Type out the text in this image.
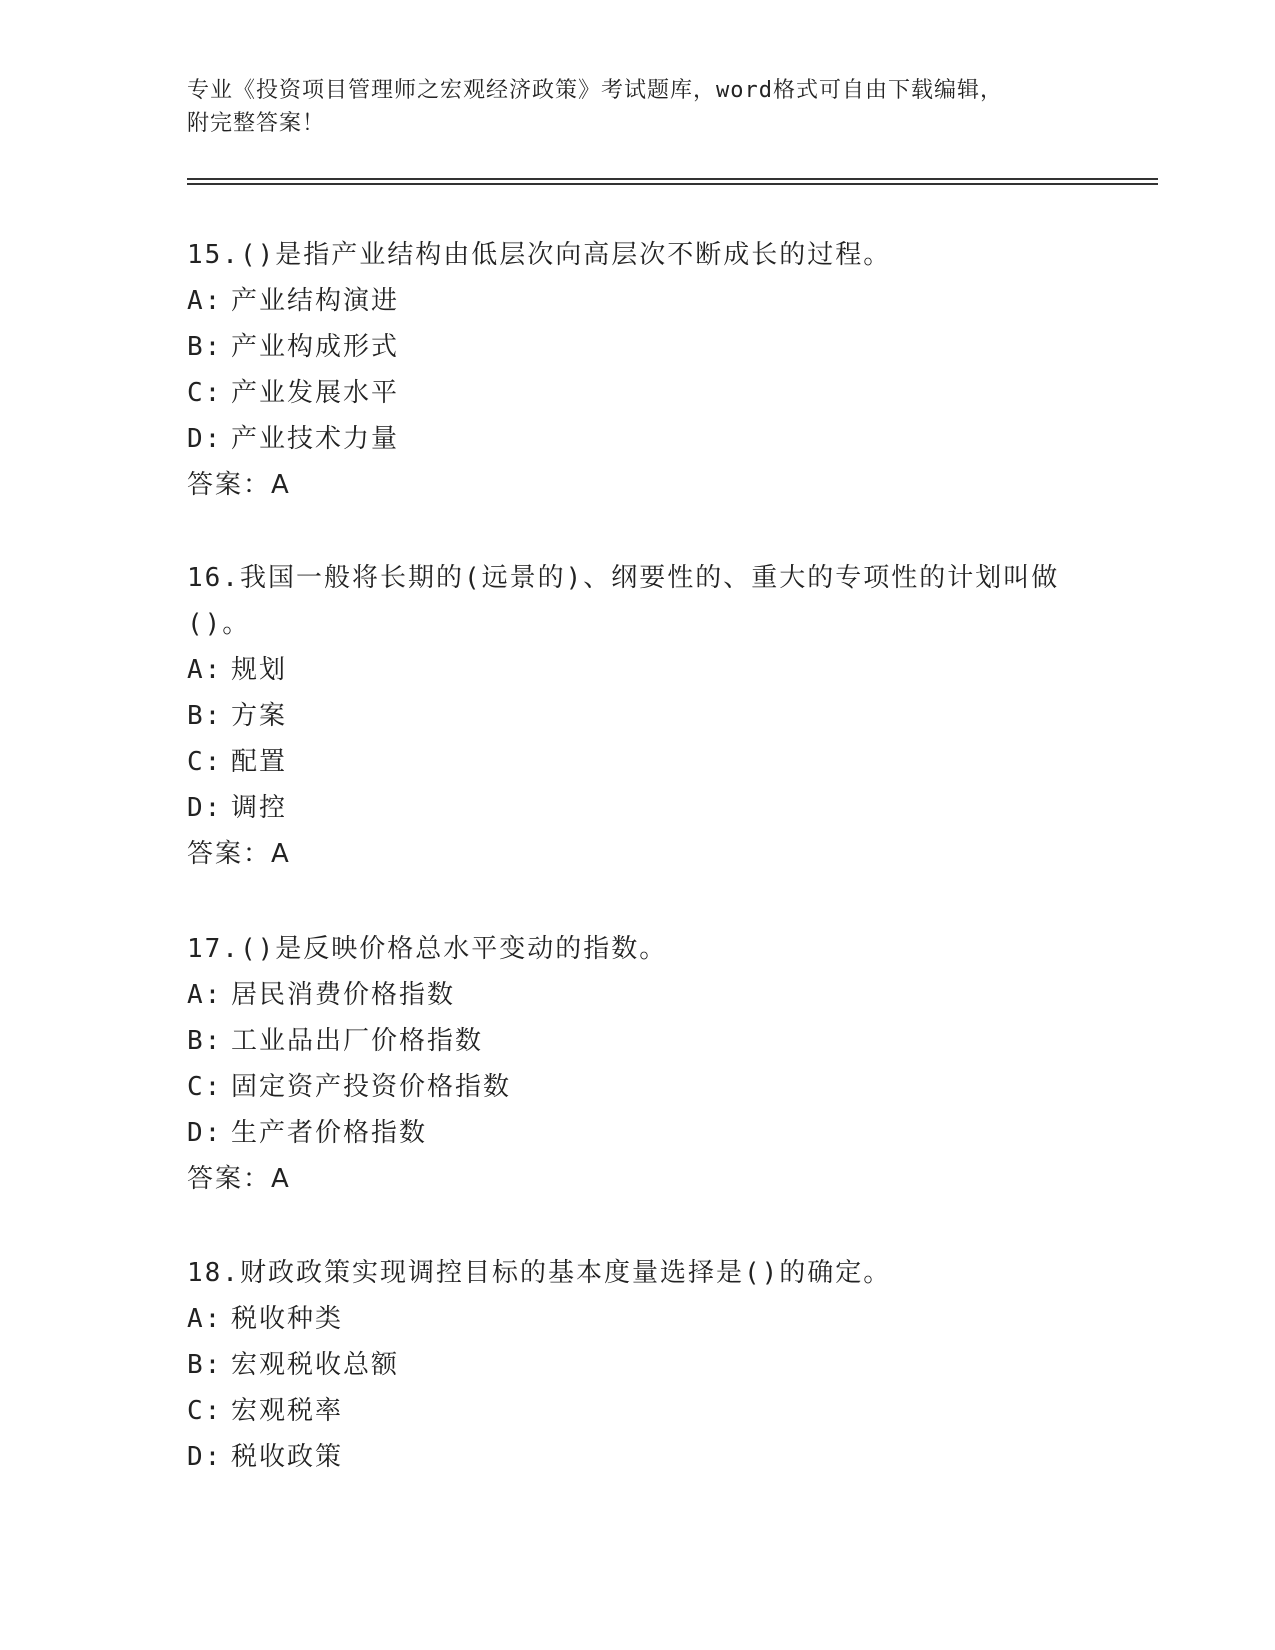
专业《投资项目管理师之宏观经济政策》考试题库，word格式可自由下载编辑，
附完整答案！
15.()是指产业结构由低层次向高层次不断成长的过程。
A: 产业结构演进
B: 产业构成形式
C: 产业发展水平
D: 产业技术力量
答案：A
16.我国一般将长期的(远景的)、纲要性的、重大的专项性的计划叫做
()。
A: 规划
B: 方案
C: 配置
D: 调控
答案：A
17.()是反映价格总水平变动的指数。
A: 居民消费价格指数
B: 工业品出厂价格指数
C: 固定资产投资价格指数
D: 生产者价格指数
答案：A
18.财政政策实现调控目标的基本度量选择是()的确定。
A: 税收种类
B: 宏观税收总额
C: 宏观税率
D: 税收政策
